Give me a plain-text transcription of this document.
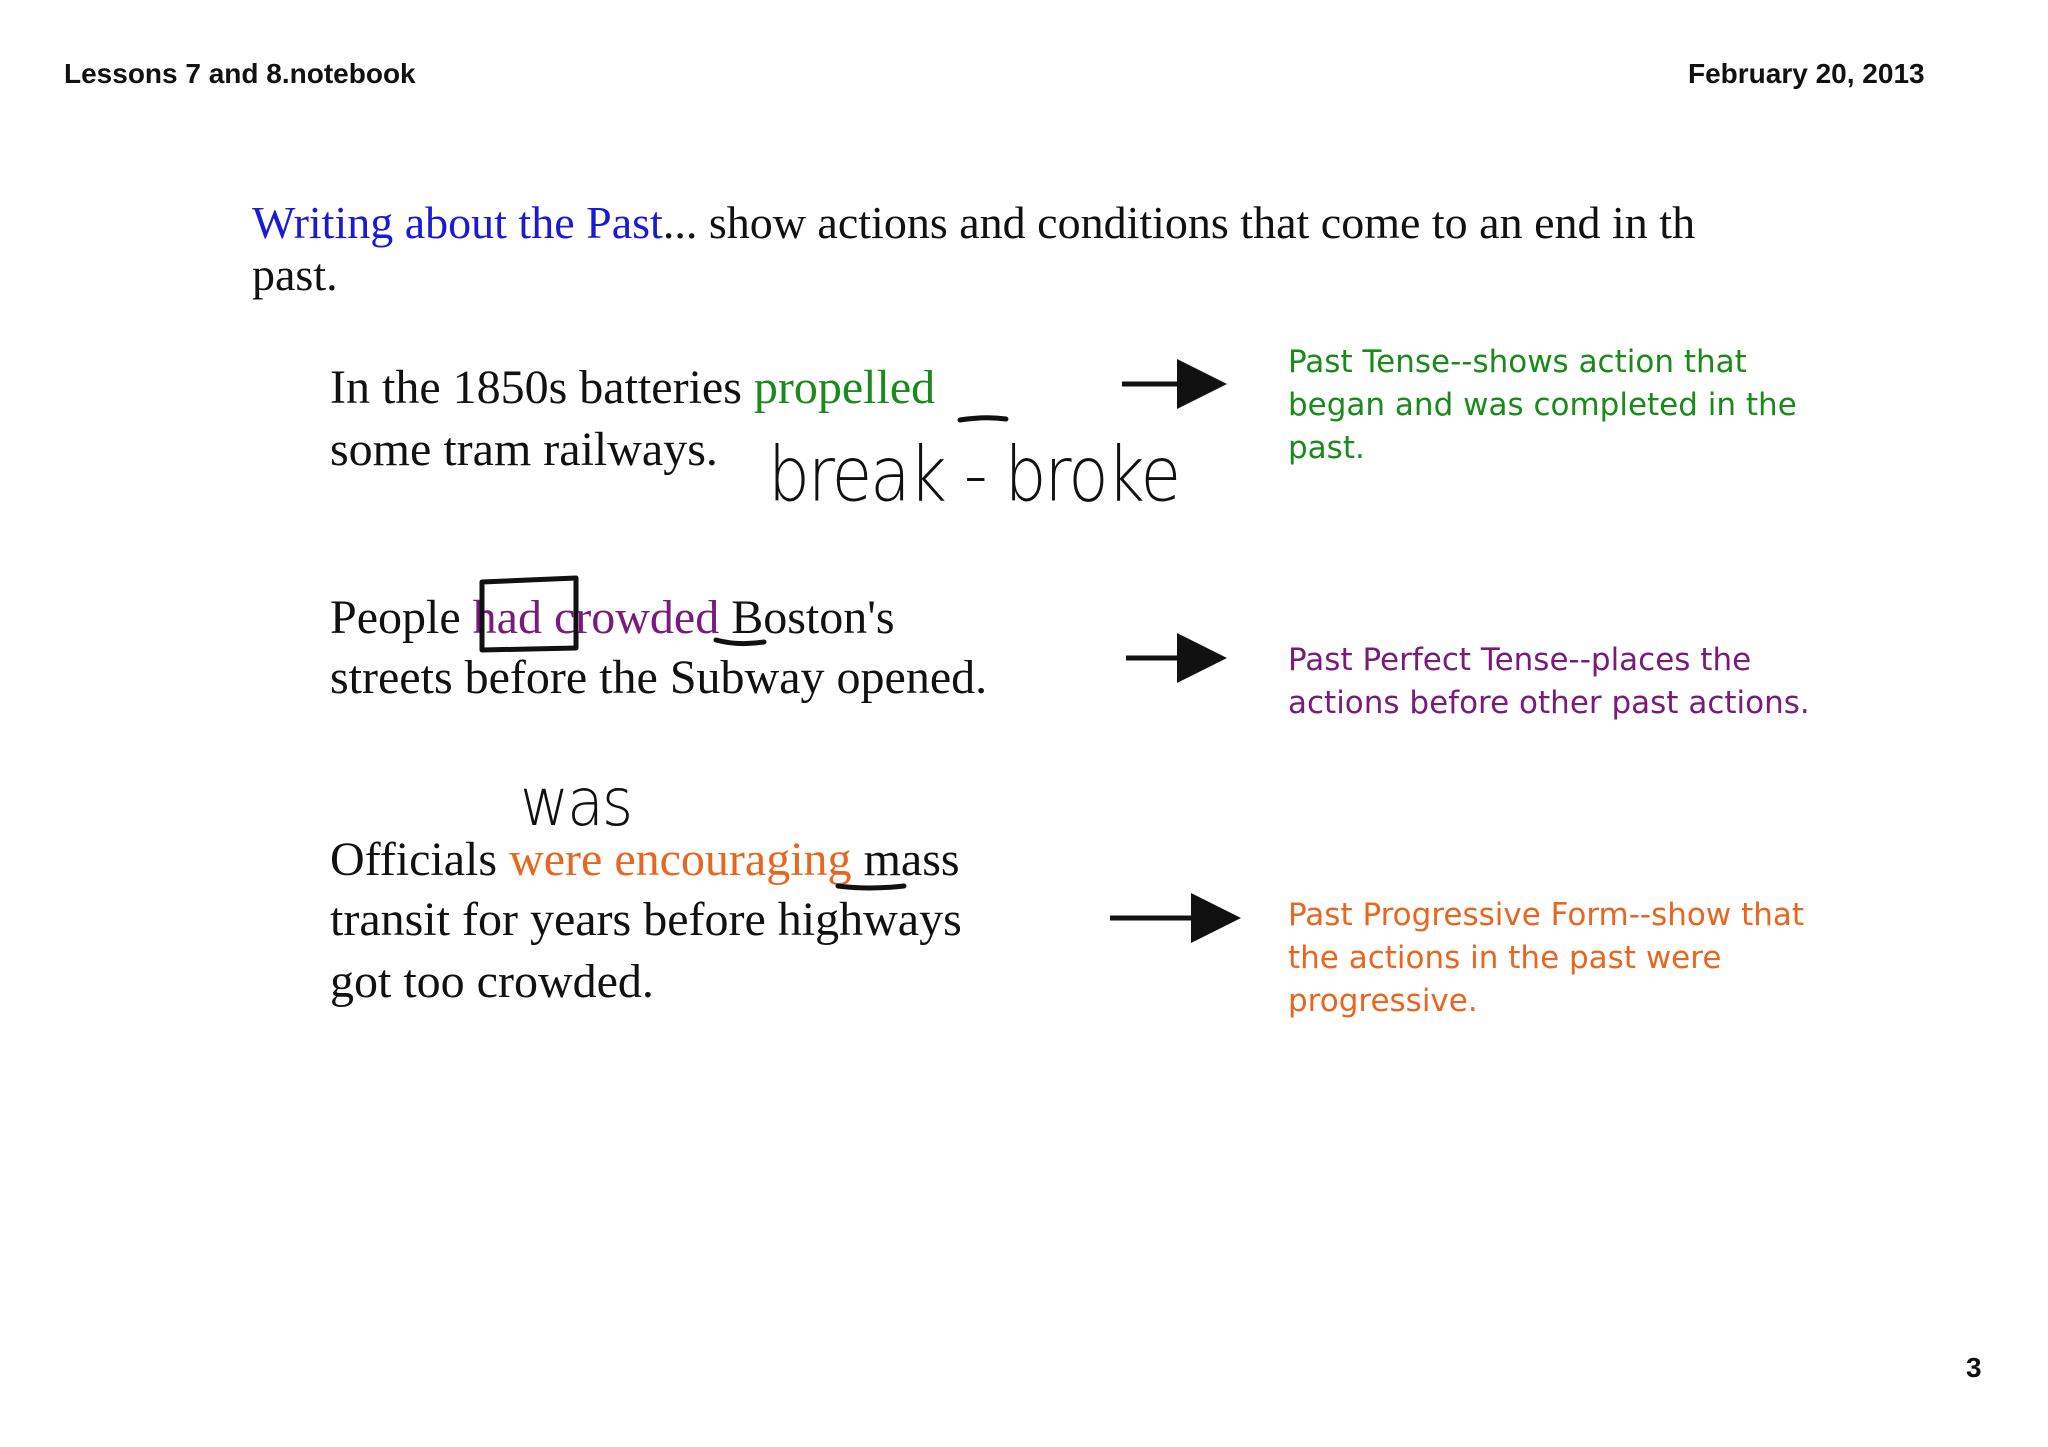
Lessons 7 and 8.notebook	February 20, 2013
Writing about the Past... show actions and conditions that come to an end in th
past.
In the 1850s batteries propelled
some tram railways.
People had crowded Boston's
streets before the Subway opened.
Officials were encouraging mass
transit for years before highways
got too crowded.
Past Tense--shows action that
began and was completed in the
past.
Past Perfect Tense--places the
actions before other past actions.
Past Progressive Form--show that
the actions in the past were
progressive.
break - broke
was
3
